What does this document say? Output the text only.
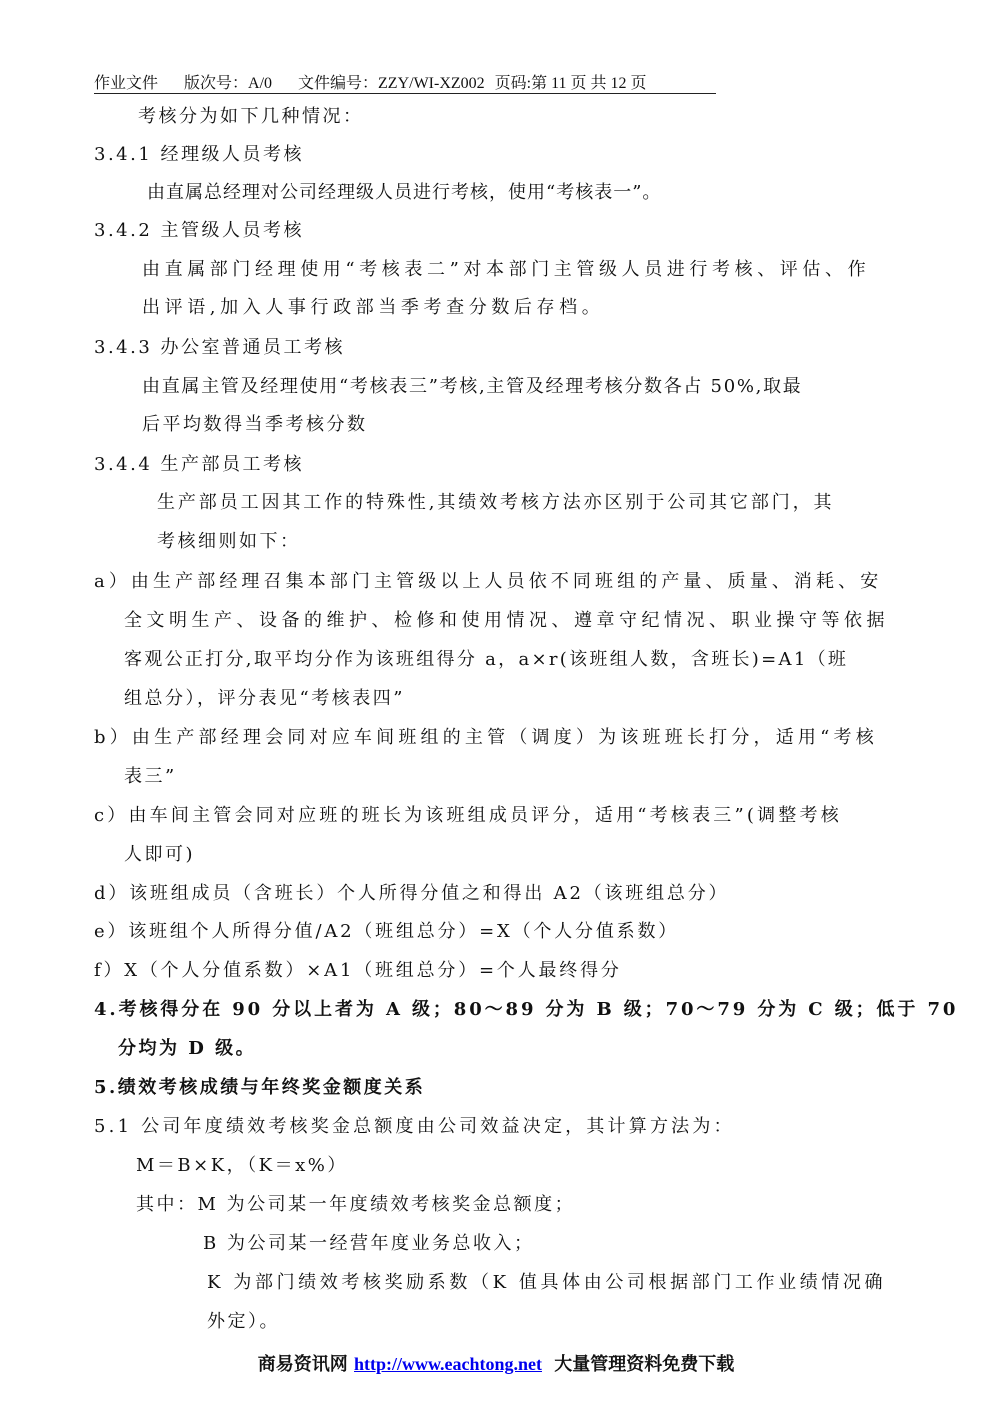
作业文件 版次号：A/0 文件编号：ZZY/WI-XZ002 页码:第 11 页 共 12 页
考核分为如下几种情况：
3.4.1 经理级人员考核
由直属总经理对公司经理级人员进行考核，使用“考核表一”。
3.4.2 主管级人员考核
由直属部门经理使用“考核表二”对本部门主管级人员进行考核、评估、作
出评语,加入人事行政部当季考查分数后存档。
3.4.3 办公室普通员工考核
由直属主管及经理使用“考核表三”考核,主管及经理考核分数各占 50%,取最
后平均数得当季考核分数
3.4.4 生产部员工考核
生产部员工因其工作的特殊性,其绩效考核方法亦区别于公司其它部门，其
考核细则如下：
a）由生产部经理召集本部门主管级以上人员依不同班组的产量、质量、消耗、安
全文明生产、设备的维护、检修和使用情况、遵章守纪情况、职业操守等依据
客观公正打分,取平均分作为该班组得分 a，a×r(该班组人数，含班长)=A1（班
组总分），评分表见“考核表四”
b）由生产部经理会同对应车间班组的主管（调度）为该班班长打分，适用“考核
表三”
c）由车间主管会同对应班的班长为该班组成员评分，适用“考核表三”(调整考核
人即可)
d）该班组成员（含班长）个人所得分值之和得出 A2（该班组总分）
e）该班组个人所得分值/A2（班组总分）=X（个人分值系数）
f）X（个人分值系数）×A1（班组总分）=个人最终得分
4.考核得分在 90 分以上者为 A 级；80～89 分为 B 级；70～79 分为 C 级；低于 70
分均为 D 级。
5.绩效考核成绩与年终奖金额度关系
5.1 公司年度绩效考核奖金总额度由公司效益决定，其计算方法为：
M＝B×K，（K＝x%）
其中：M 为公司某一年度绩效考核奖金总额度；
B 为公司某一经营年度业务总收入；
K 为部门绩效考核奖励系数（K 值具体由公司根据部门工作业绩情况确
外定）。
商易资讯网 http://www.eachtong.net 大量管理资料免费下载
